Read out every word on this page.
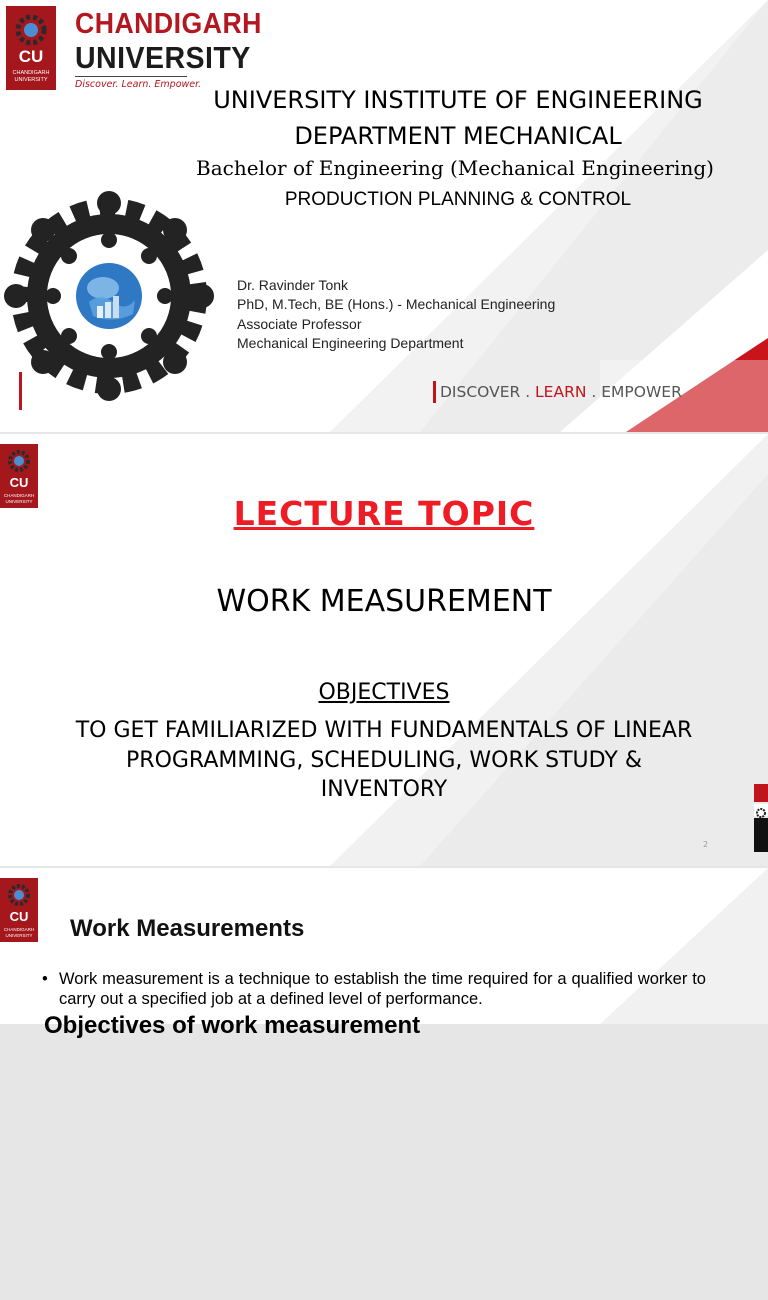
CU
CHANDIGARH
UNIVERSITY
CHANDIGARH
UNIVERSITY
Discover. Learn. Empower.
UNIVERSITY INSTITUTE OF ENGINEERING
DEPARTMENT MECHANICAL
Bachelor of Engineering (Mechanical Engineering)
PRODUCTION PLANNING & CONTROL
Dr. Ravinder Tonk
PhD, M.Tech, BE (Hons.) - Mechanical Engineering
Associate Professor
Mechanical Engineering Department
DISCOVER . LEARN . EMPOWER
CU
CHANDIGARH
UNIVERSITY	LECTURE TOPIC
WORK MEASUREMENT
OBJECTIVES
TO GET FAMILIARIZED WITH FUNDAMENTALS OF LINEAR PROGRAMMING, SCHEDULING, WORK STUDY & INVENTORY
2
CU
CHANDIGARH
UNIVERSITY Work Measurements
• Work measurement is a technique to establish the time required for a qualified worker to carry out a specified job at a defined level of performance.
Objectives of work measurement
